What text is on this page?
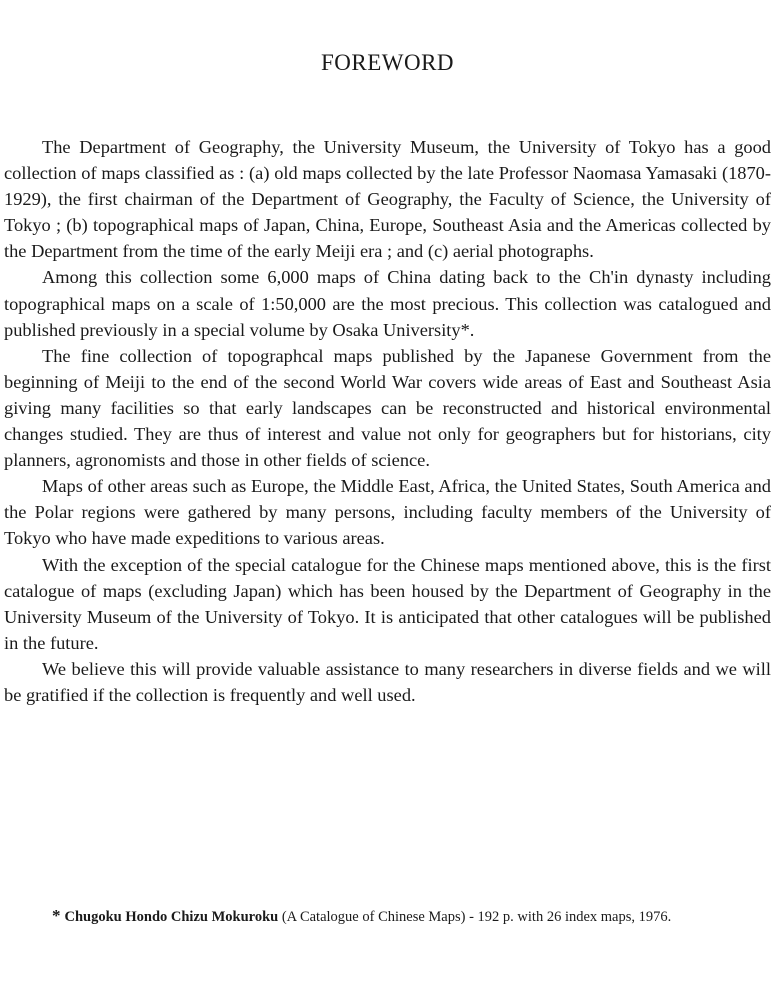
FOREWORD

The Department of Geography, the University Museum, the University of Tokyo has a good collection of maps classified as : (a) old maps collected by the late Professor Naomasa Yamasaki (1870-1929), the first chairman of the Department of Geography, the Faculty of Science, the University of Tokyo ; (b) topographical maps of Japan, China, Europe, Southeast Asia and the Americas collected by the Department from the time of the early Meiji era ; and (c) aerial photographs.

Among this collection some 6,000 maps of China dating back to the Ch'in dynasty including topographical maps on a scale of 1:50,000 are the most precious. This collection was catalogued and published previously in a special volume by Osaka University*.

The fine collection of topographcal maps published by the Japanese Government from the beginning of Meiji to the end of the second World War covers wide areas of East and Southeast Asia giving many facilities so that early landscapes can be reconstructed and historical environmental changes studied. They are thus of interest and value not only for geographers but for historians, city planners, agronomists and those in other fields of science.

Maps of other areas such as Europe, the Middle East, Africa, the United States, South America and the Polar regions were gathered by many persons, including faculty members of the University of Tokyo who have made expeditions to various areas.

With the exception of the special catalogue for the Chinese maps mentioned above, this is the first catalogue of maps (excluding Japan) which has been housed by the Department of Geography in the University Museum of the University of Tokyo. It is anticipated that other catalogues will be published in the future.

We believe this will provide valuable assistance to many researchers in diverse fields and we will be gratified if the collection is frequently and well used.

* Chugoku Hondo Chizu Mokuroku (A Catalogue of Chinese Maps) - 192 p. with 26 index maps, 1976.
